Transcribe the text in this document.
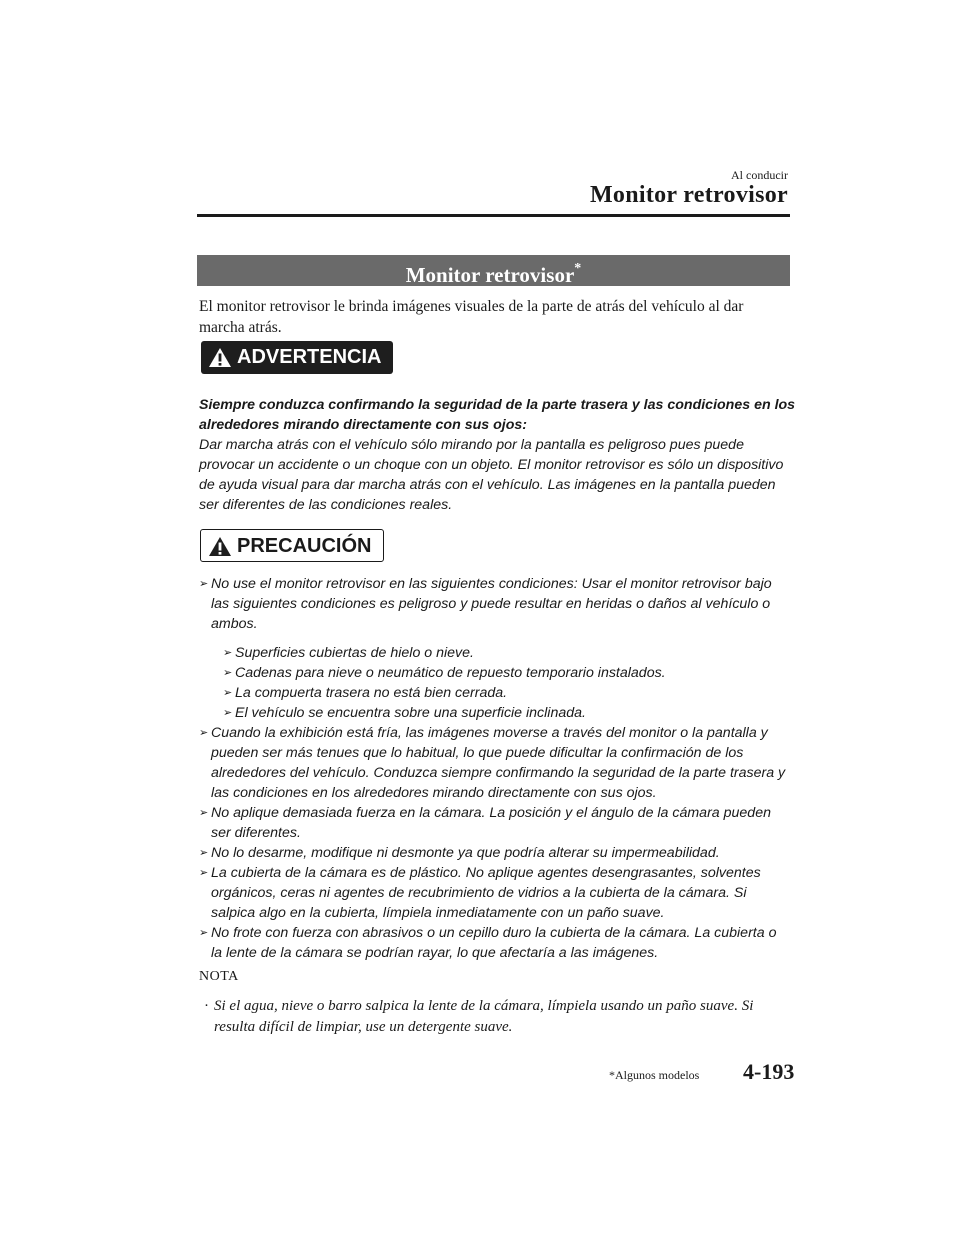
Al conducir
Monitor retrovisor
Monitor retrovisor*
El monitor retrovisor le brinda imágenes visuales de la parte de atrás del vehículo al dar marcha atrás.
ADVERTENCIA
Siempre conduzca confirmando la seguridad de la parte trasera y las condiciones en los
alrededores mirando directamente con sus ojos:
Dar marcha atrás con el vehículo sólo mirando por la pantalla es peligroso pues puede
provocar un accidente o un choque con un objeto. El monitor retrovisor es sólo un dispositivo
de ayuda visual para dar marcha atrás con el vehículo. Las imágenes en la pantalla pueden
ser diferentes de las condiciones reales.
PRECAUCIÓN
➢ No use el monitor retrovisor en las siguientes condiciones: Usar el monitor retrovisor bajo
las siguientes condiciones es peligroso y puede resultar en heridas o daños al vehículo o
ambos.
➢ Superficies cubiertas de hielo o nieve.
➢ Cadenas para nieve o neumático de repuesto temporario instalados.
➢ La compuerta trasera no está bien cerrada.
➢ El vehículo se encuentra sobre una superficie inclinada.
➢ Cuando la exhibición está fría, las imágenes moverse a través del monitor o la pantalla y
pueden ser más tenues que lo habitual, lo que puede dificultar la confirmación de los
alrededores del vehículo. Conduzca siempre confirmando la seguridad de la parte trasera y
las condiciones en los alrededores mirando directamente con sus ojos.
➢ No aplique demasiada fuerza en la cámara. La posición y el ángulo de la cámara pueden
ser diferentes.
➢ No lo desarme, modifique ni desmonte ya que podría alterar su impermeabilidad.
➢ La cubierta de la cámara es de plástico. No aplique agentes desengrasantes, solventes
orgánicos, ceras ni agentes de recubrimiento de vidrios a la cubierta de la cámara. Si
salpica algo en la cubierta, límpiela inmediatamente con un paño suave.
➢ No frote con fuerza con abrasivos o un cepillo duro la cubierta de la cámara. La cubierta o
la lente de la cámara se podrían rayar, lo que afectaría a las imágenes.
NOTA
· Si el agua, nieve o barro salpica la lente de la cámara, límpiela usando un paño suave. Si
resulta difícil de limpiar, use un detergente suave.
*Algunos modelos 4-193
